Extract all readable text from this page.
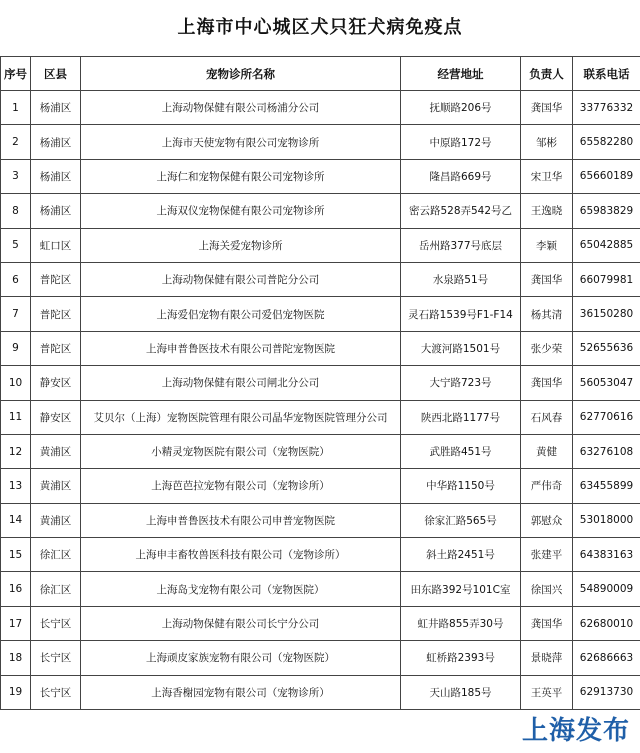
上海市中心城区犬只狂犬病免疫点
序号	区县	宠物诊所名称	经营地址	负责人	联系电话
1	杨浦区	上海动物保健有限公司杨浦分公司	抚顺路206号	龚国华	33776332
2	杨浦区	上海市天使宠物有限公司宠物诊所	中原路172号	邹彬	65582280
3	杨浦区	上海仁和宠物保健有限公司宠物诊所	隆昌路669号	宋卫华	65660189
8	杨浦区	上海双仪宠物保健有限公司宠物诊所	密云路528弄542号乙	王逸晓	65983829
5	虹口区	上海关爱宠物诊所	岳州路377号底层	李颖	65042885
6	普陀区	上海动物保健有限公司普陀分公司	水泉路51号	龚国华	66079981
7	普陀区	上海爱侣宠物有限公司爱侣宠物医院	灵石路1539号F1-F14	杨其清	36150280
9	普陀区	上海申普鲁医技术有限公司普陀宠物医院	大渡河路1501号	张少荣	52655636
10	静安区	上海动物保健有限公司闸北分公司	大宁路723号	龚国华	56053047
11	静安区	艾贝尔（上海）宠物医院管理有限公司晶华宠物医院管理分公司	陕西北路1177号	石风春	62770616
12	黄浦区	小精灵宠物医院有限公司（宠物医院）	武胜路451号	黄健	63276108
13	黄浦区	上海芭芭拉宠物有限公司（宠物诊所）	中华路1150号	严伟奇	63455899
14	黄浦区	上海申普鲁医技术有限公司申普宠物医院	徐家汇路565号	郭慰众	53018000
15	徐汇区	上海申丰畜牧兽医科技有限公司（宠物诊所）	斜土路2451号	张建平	64383163
16	徐汇区	上海岛戈宠物有限公司（宠物医院）	田东路392号101C室	徐国兴	54890009
17	长宁区	上海动物保健有限公司长宁分公司	虹井路855弄30号	龚国华	62680010
18	长宁区	上海顽皮家族宠物有限公司（宠物医院）	虹桥路2393号	景晓萍	62686663
19	长宁区	上海香榭园宠物有限公司（宠物诊所）	天山路185号	王英平	62913730
上海发布
